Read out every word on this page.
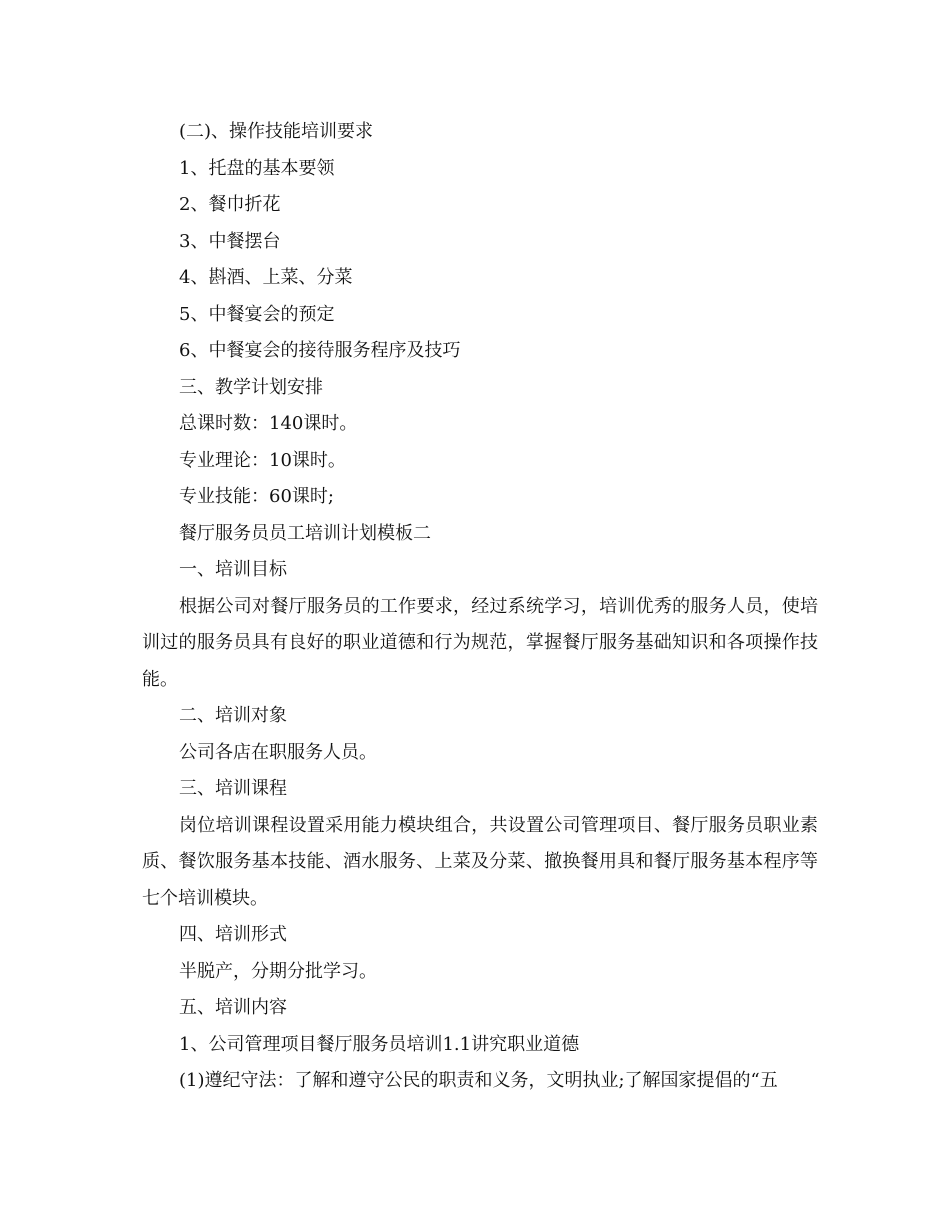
(二)、操作技能培训要求
1、托盘的基本要领
2、餐巾折花
3、中餐摆台
4、斟酒、上菜、分菜
5、中餐宴会的预定
6、中餐宴会的接待服务程序及技巧
三、教学计划安排
总课时数：140课时。
专业理论：10课时。
专业技能：60课时;
餐厅服务员员工培训计划模板二
一、培训目标

根据公司对餐厅服务员的工作要求，经过系统学习，培训优秀的服务人员，使培训过的服务员具有良好的职业道德和行为规范，掌握餐厅服务基础知识和各项操作技能。

二、培训对象
公司各店在职服务人员。
三、培训课程

岗位培训课程设置采用能力模块组合，共设置公司管理项目、餐厅服务员职业素质、餐饮服务基本技能、酒水服务、上菜及分菜、撤换餐用具和餐厅服务基本程序等七个培训模块。

四、培训形式
半脱产，分期分批学习。
五、培训内容
1、公司管理项目餐厅服务员培训1.1讲究职业道德
(1)遵纪守法：了解和遵守公民的职责和义务，文明执业;了解国家提倡的“五
